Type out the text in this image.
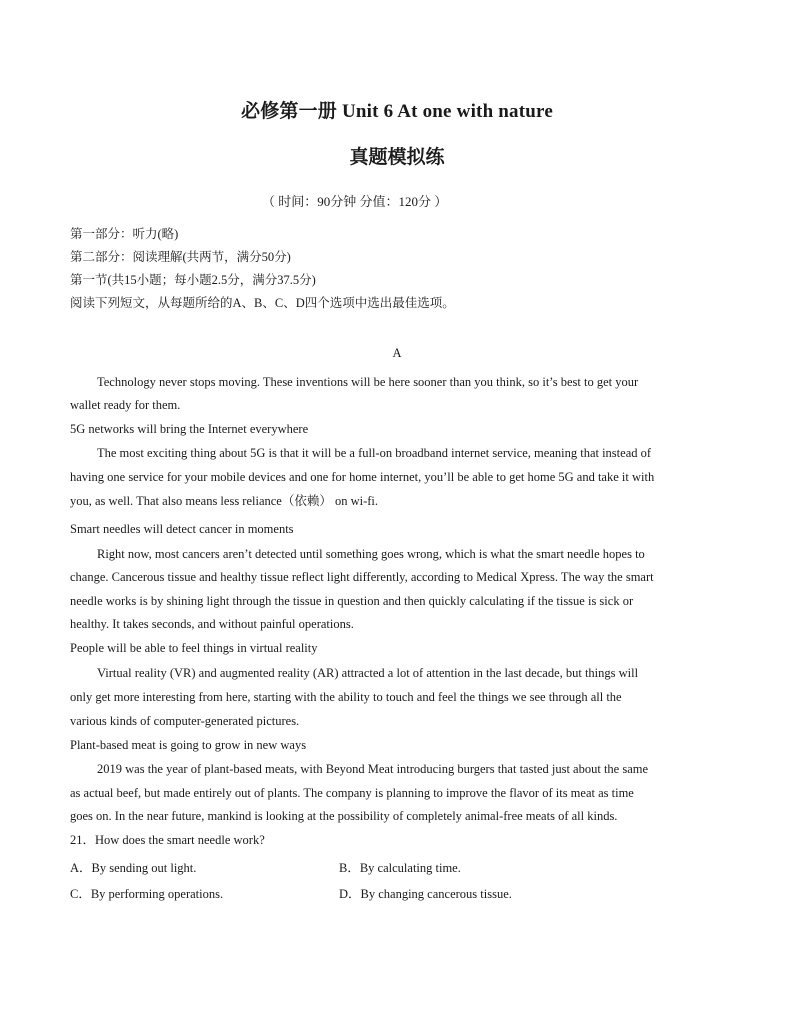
必修第一册 Unit 6 At one with nature
真题模拟练
（ 时间：90分钟 分值：120分 ）
第一部分：听力(略)
第二部分：阅读理解(共两节，满分50分)
第一节(共15小题；每小题2.5分，满分37.5分)
阅读下列短文，从每题所给的A、B、C、D四个选项中选出最佳选项。
A
Technology never stops moving. These inventions will be here sooner than you think, so it’s best to get your
wallet ready for them.
5G networks will bring the Internet everywhere
The most exciting thing about 5G is that it will be a full-on broadband internet service, meaning that instead of
having one service for your mobile devices and one for home internet, you’ll be able to get home 5G and take it with
you, as well. That also means less reliance（依赖） on wi-fi.
Smart needles will detect cancer in moments
Right now, most cancers aren’t detected until something goes wrong, which is what the smart needle hopes to
change. Cancerous tissue and healthy tissue reflect light differently, according to Medical Xpress. The way the smart
needle works is by shining light through the tissue in question and then quickly calculating if the tissue is sick or
healthy. It takes seconds, and without painful operations.
People will be able to feel things in virtual reality
Virtual reality (VR) and augmented reality (AR) attracted a lot of attention in the last decade, but things will
only get more interesting from here, starting with the ability to touch and feel the things we see through all the
various kinds of computer-generated pictures.
Plant-based meat is going to grow in new ways
2019 was the year of plant-based meats, with Beyond Meat introducing burgers that tasted just about the same
as actual beef, but made entirely out of plants. The company is planning to improve the flavor of its meat as time
goes on. In the near future, mankind is looking at the possibility of completely animal-free meats of all kinds.
21．How does the smart needle work?
A．By sending out light.	B．By calculating time.
C．By performing operations.	D．By changing cancerous tissue.
